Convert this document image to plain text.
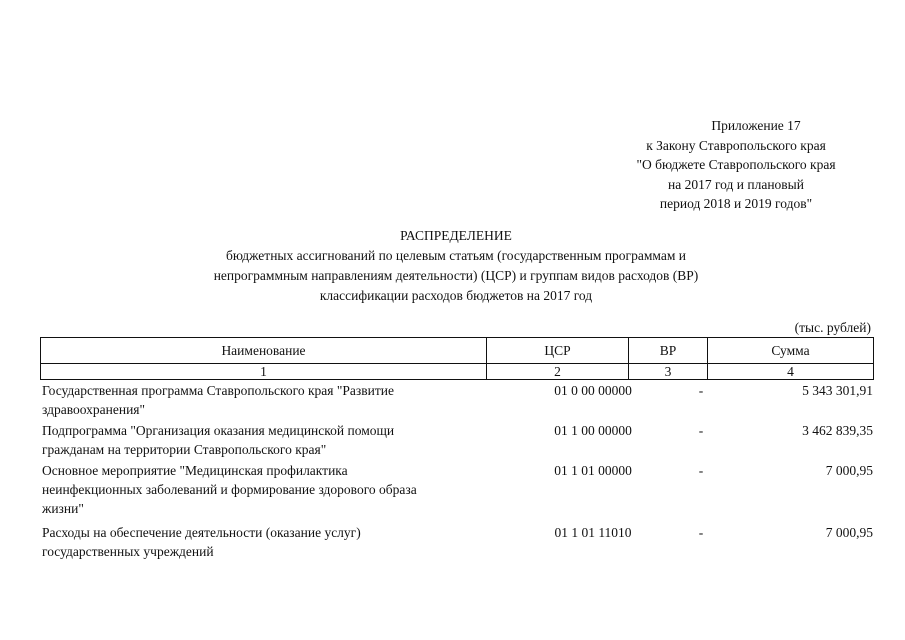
Приложение 17
к Закону Ставропольского края
"О бюджете Ставропольского края
на 2017 год и плановый
период 2018 и 2019 годов"
РАСПРЕДЕЛЕНИЕ
бюджетных ассигнований по целевым статьям (государственным программам и
непрограммным направлениям деятельности) (ЦСР) и группам видов расходов (ВР)
классификации расходов бюджетов на 2017 год
(тыс. рублей)
Наименование	ЦСР	ВР	Сумма
1	2	3	4
Государственная программа Ставропольского края "Развитие
здравоохранения"
01 0 00 00000	-	5 343 301,91
Подпрограмма "Организация оказания медицинской помощи
гражданам на территории Ставропольского края"
01 1 00 00000	-	3 462 839,35
Основное мероприятие "Медицинская профилактика
неинфекционных заболеваний и формирование здорового образа
жизни"
01 1 01 00000	-	7 000,95
Расходы на обеспечение деятельности (оказание услуг)
государственных учреждений
01 1 01 11010	-	7 000,95
